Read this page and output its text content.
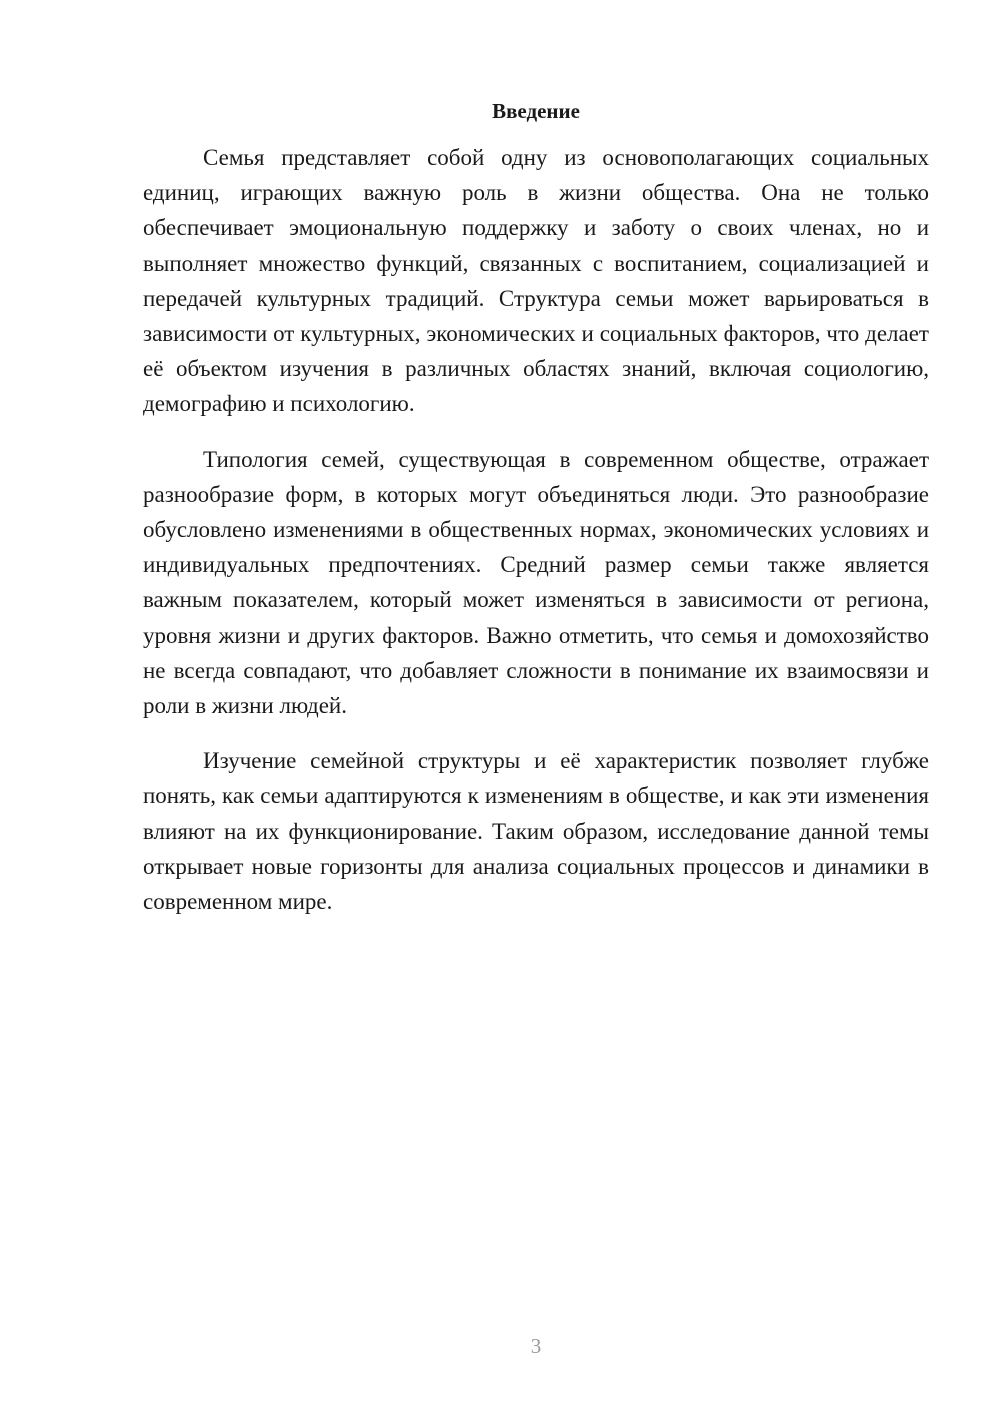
Введение

Семья представляет собой одну из основополагающих социальных единиц, играющих важную роль в жизни общества. Она не только обеспечивает эмоциональную поддержку и заботу о своих членах, но и выполняет множество функций, связанных с воспитанием, социализацией и передачей культурных традиций. Структура семьи может варьироваться в зависимости от культурных, экономических и социальных факторов, что делает её объектом изучения в различных областях знаний, включая социологию, демографию и психологию.

Типология семей, существующая в современном обществе, отражает разнообразие форм, в которых могут объединяться люди. Это разнообразие обусловлено изменениями в общественных нормах, экономических условиях и индивидуальных предпочтениях. Средний размер семьи также является важным показателем, который может изменяться в зависимости от региона, уровня жизни и других факторов. Важно отметить, что семья и домохозяйство не всегда совпадают, что добавляет сложности в понимание их взаимосвязи и роли в жизни людей.

Изучение семейной структуры и её характеристик позволяет глубже понять, как семьи адаптируются к изменениям в обществе, и как эти изменения влияют на их функционирование. Таким образом, исследование данной темы открывает новые горизонты для анализа социальных процессов и динамики в современном мире.

3
